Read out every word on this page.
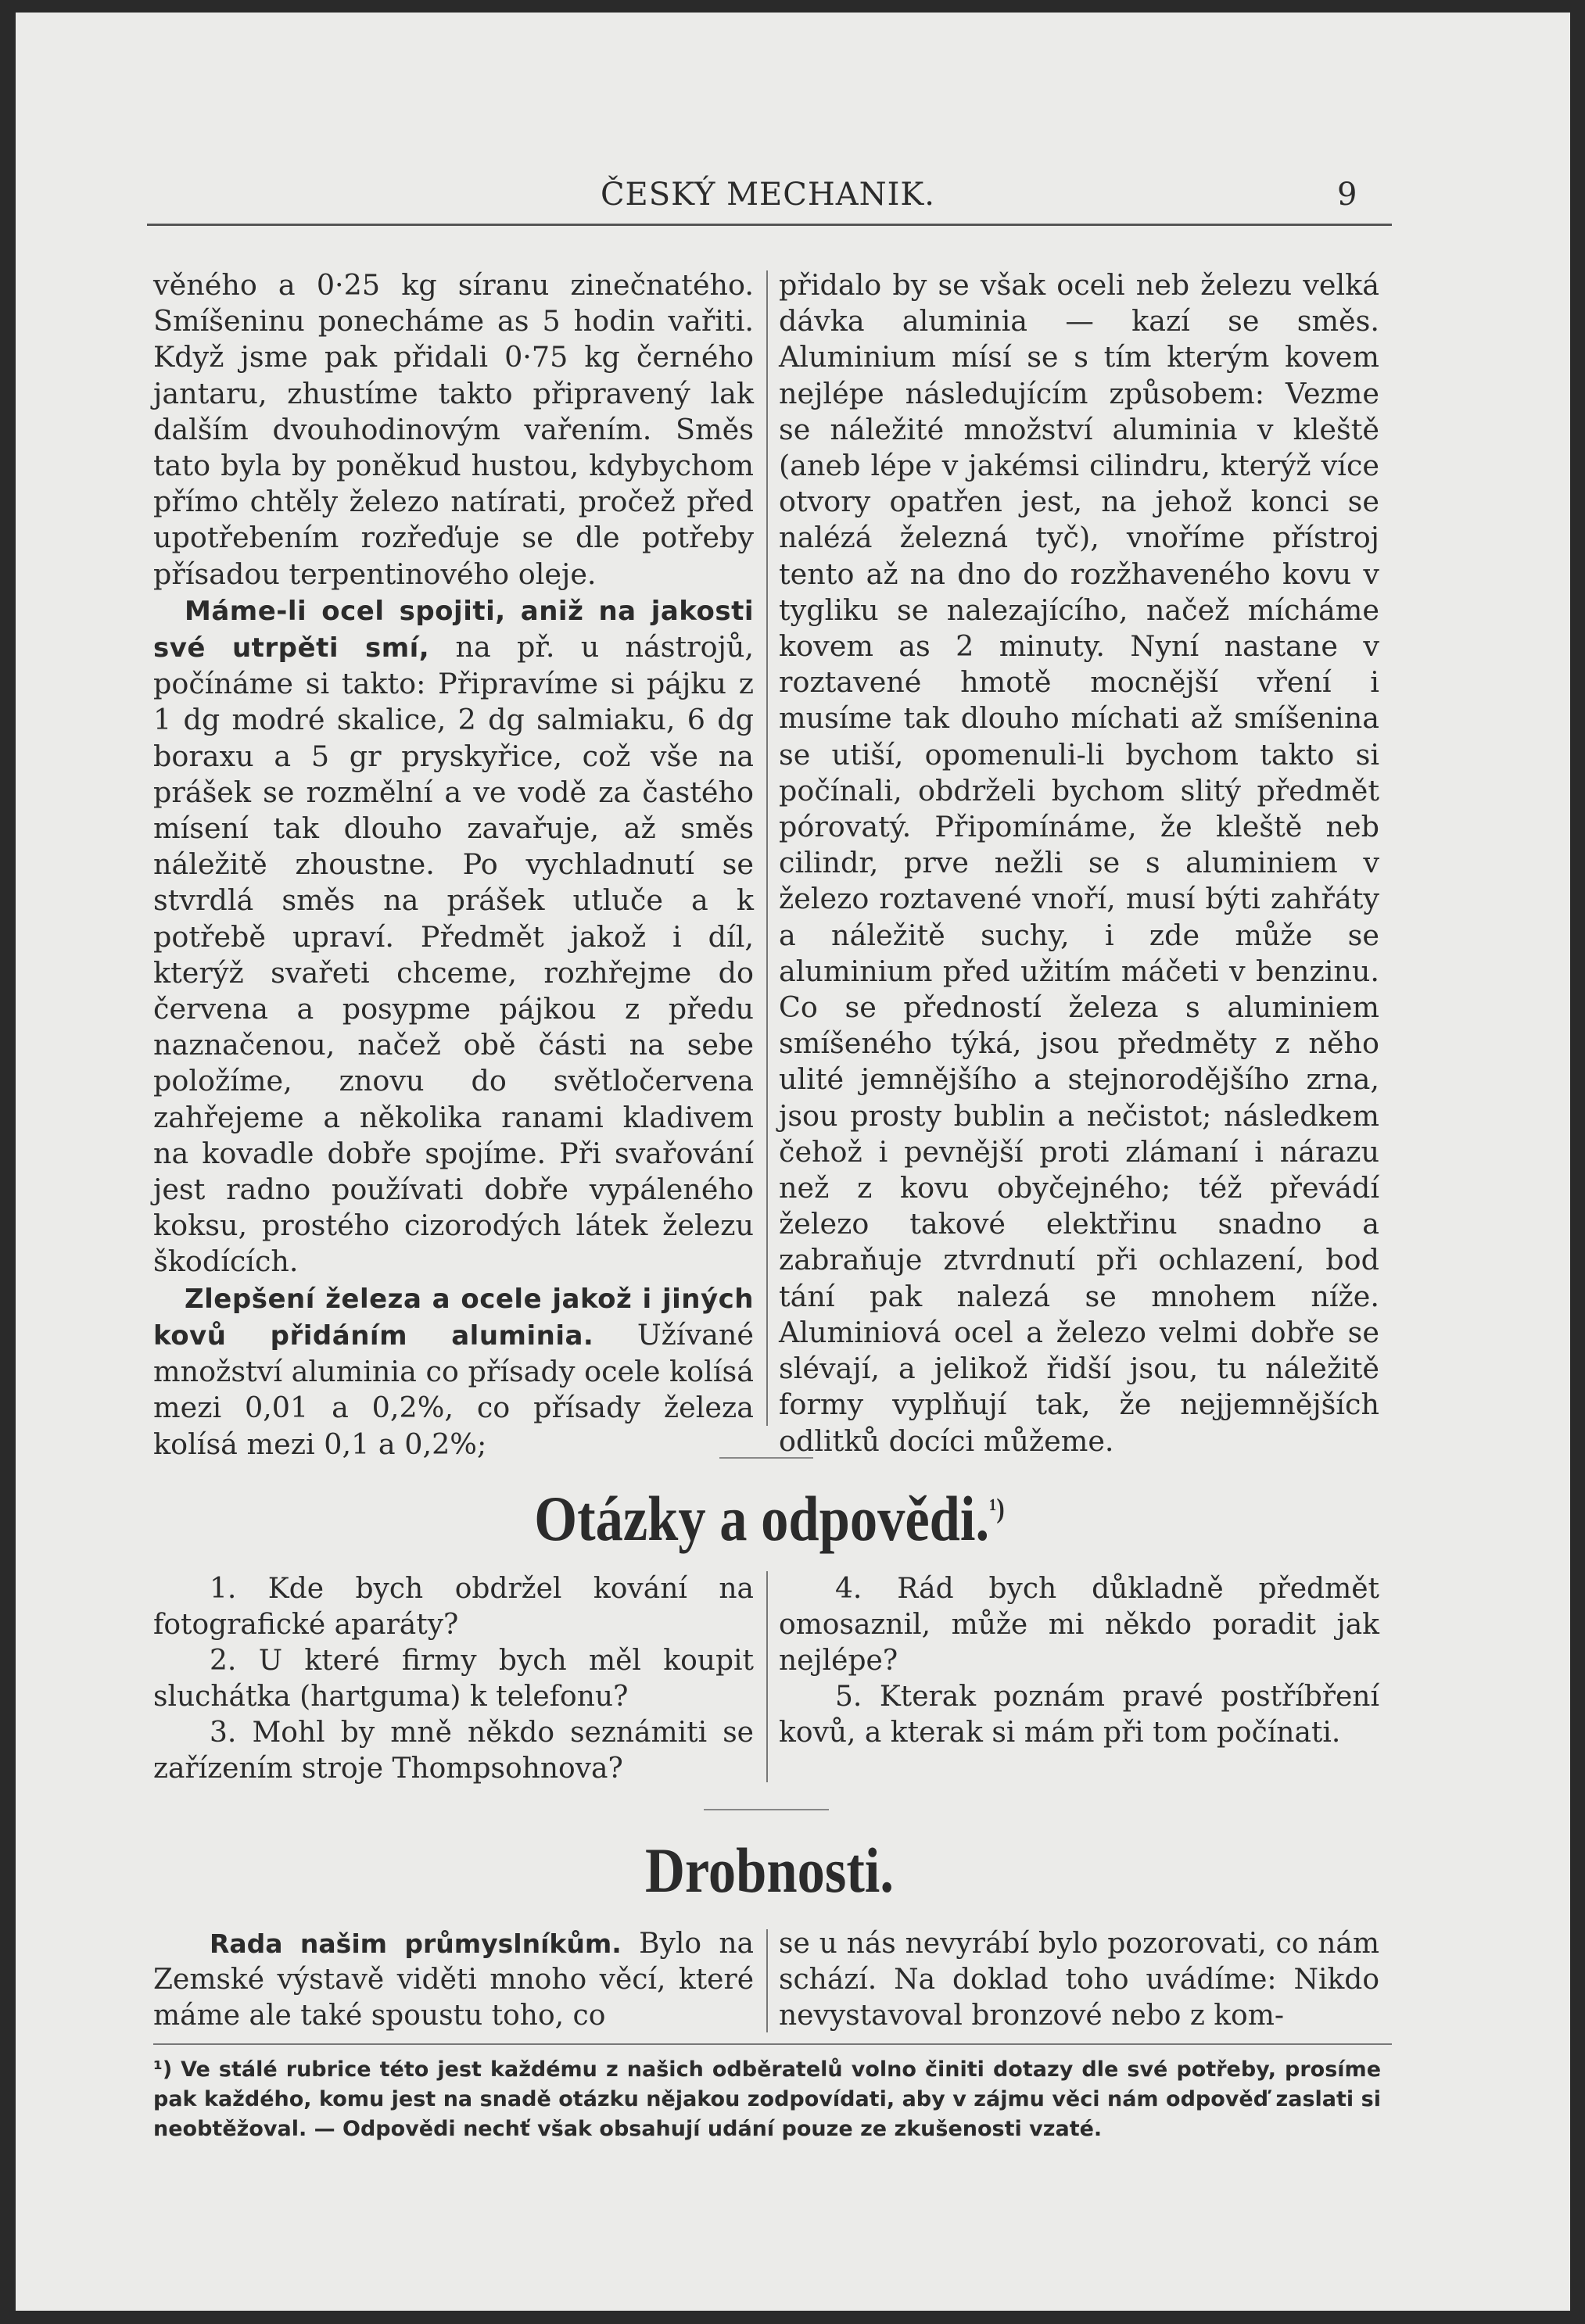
ČESKÝ MECHANIK.	9

věného a 0·25 kg síranu zinečnatého. Smíšeninu ponecháme as 5 hodin vařiti. Když jsme pak přidali 0·75 kg černého jantaru, zhustíme takto připravený lak dalším dvouhodinovým vařením. Směs tato byla by poněkud hustou, kdybychom přímo chtěly železo natírati, pročež před upotřebením rozřeďuje se dle potřeby přísadou terpentinového oleje.

Máme-li ocel spojiti, aniž na jakosti své utrpěti smí, na př. u nástrojů, počínáme si takto: Připravíme si pájku z 1 dg modré skalice, 2 dg salmiaku, 6 dg boraxu a 5 gr pryskyřice, což vše na prášek se rozmělní a ve vodě za častého mísení tak dlouho zavařuje, až směs náležitě zhoustne. Po vychladnutí se stvrdlá směs na prášek utluče a k potřebě upraví. Předmět jakož i díl, kterýž svařeti chceme, rozhřejme do červena a posypme pájkou z předu naznačenou, načež obě části na sebe položíme, znovu do světločervena zahřejeme a několika ranami kladivem na kovadle dobře spojíme. Při svařování jest radno používati dobře vypáleného koksu, prostého cizorodých látek železu škodících.

Zlepšení železa a ocele jakož i jiných kovů přidáním aluminia. Užívané množství aluminia co přísady ocele kolísá mezi 0,01 a 0,2%, co přísady železa kolísá mezi 0,1 a 0,2%;

přidalo by se však oceli neb železu velká dávka aluminia — kazí se směs. Aluminium mísí se s tím kterým kovem nejlépe následujícím způsobem: Vezme se náležité množství aluminia v kleště (aneb lépe v jakémsi cilindru, kterýž více otvory opatřen jest, na jehož konci se nalézá železná tyč), vnoříme přístroj tento až na dno do rozžhaveného kovu v tygliku se nalezajícího, načež mícháme kovem as 2 minuty. Nyní nastane v roztavené hmotě mocnější vření i musíme tak dlouho míchati až smíšenina se utiší, opomenuli-li bychom takto si počínali, obdrželi bychom slitý předmět pórovatý. Připomínáme, že kleště neb cilindr, prve nežli se s aluminiem v železo roztavené vnoří, musí býti zahřáty a náležitě suchy, i zde může se aluminium před užitím máčeti v benzinu. Co se předností železa s aluminiem smíšeného týká, jsou předměty z něho ulité jemnějšího a stejnorodějšího zrna, jsou prosty bublin a nečistot; následkem čehož i pevnější proti zlámaní i nárazu než z kovu obyčejného; též převádí železo takové elektřinu snadno a zabraňuje ztvrdnutí při ochlazení, bod tání pak nalezá se mnohem níže. Aluminiová ocel a železo velmi dobře se slévají, a jelikož řidší jsou, tu náležitě formy vyplňují tak, že nejjemnějších odlitků docíci můžeme.

Otázky a odpovědi.$^{^1)}$

1. Kde bych obdržel kování na fotografické aparáty?

2. U které firmy bych měl koupit sluchátka (hartguma) k telefonu?

3. Mohl by mně někdo seznámiti se zařízením stroje Thompsohnova?

4. Rád bych důkladně předmět omosaznil, může mi někdo poradit jak nejlépe?

5. Kterak poznám pravé postříbření kovů, a kterak si mám při tom počínati.

Drobnosti.

Rada našim průmyslníkům. Bylo na Zemské výstavě viděti mnoho věcí, které máme ale také spoustu toho, co

se u nás nevyrábí bylo pozorovati, co nám schází. Na doklad toho uvádíme: Nikdo nevystavoval bronzové nebo z kom-

¹) Ve stálé rubrice této jest každému z našich odběratelů volno činiti dotazy dle své potřeby, prosíme pak každého, komu jest na snadě otázku nějakou zodpovídati, aby v zájmu věci nám odpověď zaslati si neobtěžoval. — Odpovědi nechť však obsahují udání pouze ze zkušenosti vzaté.
